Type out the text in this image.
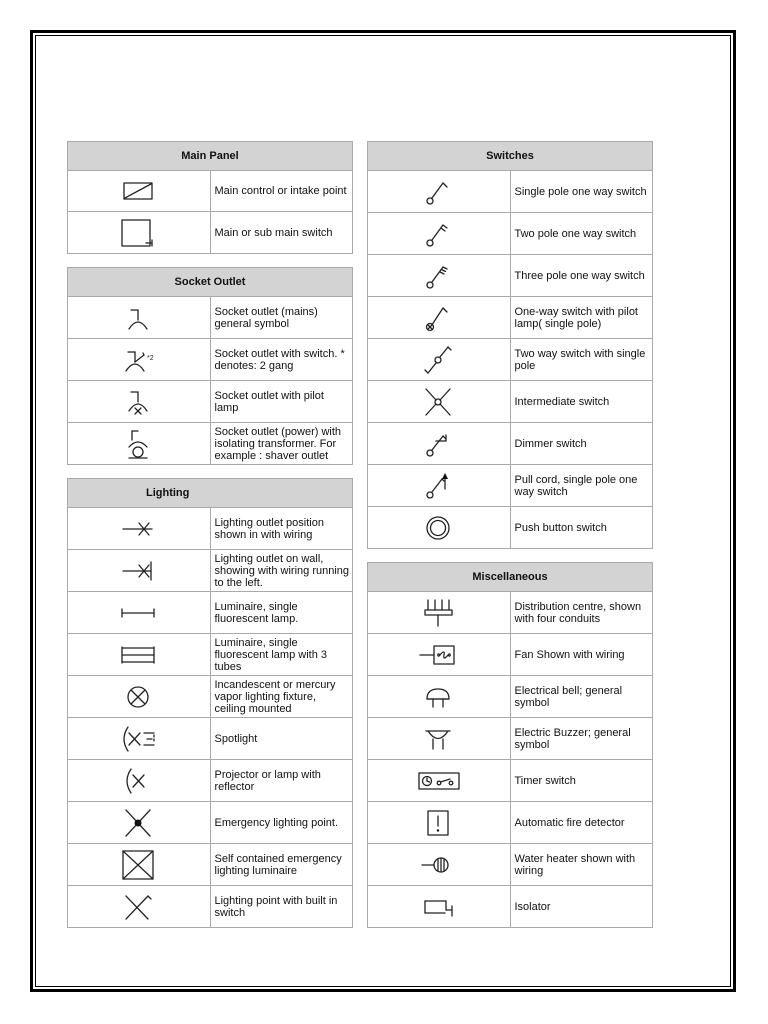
Main Panel	

	Main control or intake point

	Main or sub main switch
Socket Outlet	

	Socket outlet (mains) general symbol

*2	Socket outlet with switch. * denotes: 2 gang

	Socket outlet with pilot lamp

	Socket outlet (power) with isolating transformer. For example : shaver outlet
Lighting	

	Lighting outlet position shown in with wiring

	Lighting outlet on wall, showing with wiring running to the left.

	Luminaire, single fluorescent lamp.

	Luminaire, single fluorescent lamp with 3 tubes

	Incandescent or mercury vapor lighting fixture, ceiling mounted

	Spotlight

	Projector or lamp with reflector

	Emergency lighting point.

	Self contained emergency lighting luminaire

	Lighting point with built in switch
Switches	

	Single pole one way switch

	Two pole one way switch

	Three pole one way switch

	One-way switch with pilot lamp( single pole)

	Two way switch with single pole

	Intermediate switch

	Dimmer switch

	Pull cord, single pole one way switch

	Push button switch
Miscellaneous	

	Distribution centre, shown with four conduits

	Fan Shown with wiring

	Electrical bell; general symbol

	Electric Buzzer; general symbol

	Timer switch

	Automatic fire detector

	Water heater shown with wiring

	Isolator
